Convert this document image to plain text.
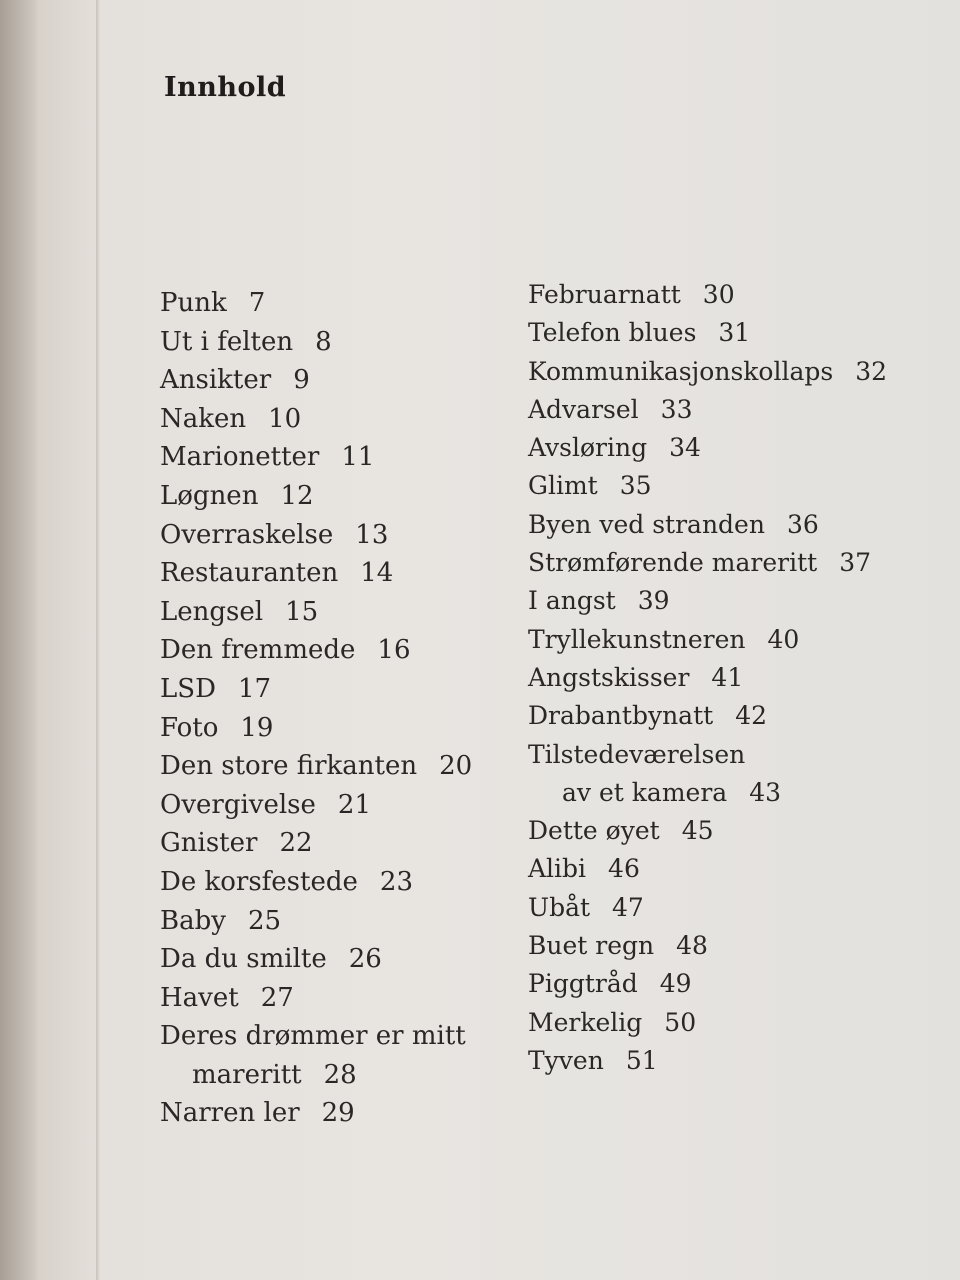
Innhold
Punk 7
Ut i felten 8
Ansikter 9
Naken 10
Marionetter 11
Løgnen 12
Overraskelse 13
Restauranten 14
Lengsel 15
Den fremmede 16
LSD 17
Foto 19
Den store firkanten 20
Overgivelse 21
Gnister 22
De korsfestede 23
Baby 25
Da du smilte 26
Havet 27
Deres drømmer er mitt
mareritt 28
Narren ler 29
Februarnatt 30
Telefon blues 31
Kommunikasjonskollaps 32
Advarsel 33
Avsløring 34
Glimt 35
Byen ved stranden 36
Strømførende mareritt 37
I angst 39
Tryllekunstneren 40
Angstskisser 41
Drabantbynatt 42
Tilstedeværelsen
av et kamera 43
Dette øyet 45
Alibi 46
Ubåt 47
Buet regn 48
Piggtråd 49
Merkelig 50
Tyven 51
